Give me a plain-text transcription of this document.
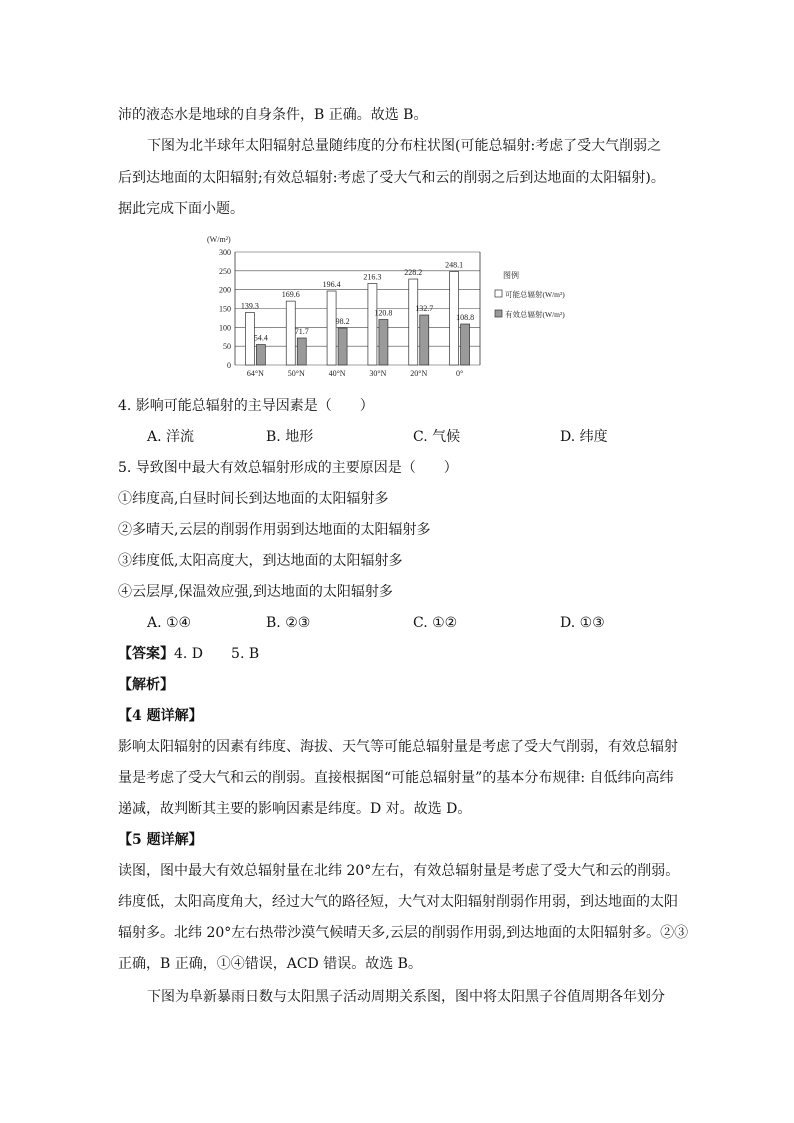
沛的液态水是地球的自身条件，B 正确。故选 B。
下图为北半球年太阳辐射总量随纬度的分布柱状图(可能总辐射:考虑了受大气削弱之
后到达地面的太阳辐射;有效总辐射:考虑了受大气和云的削弱之后到达地面的太阳辐射)。
据此完成下面小题。
139.3
54.4
169.6
71.7
196.4
98.2
216.3
120.8
228.2
132.7
248.1
108.8
(W/m²)
0
50
100
150
200
250
300
64°N	50°N	40°N	30°N	20°N	0°
图例
可能总辐射(W/m²)
有效总辐射(W/m²)
4. 影响可能总辐射的主导因素是（　　）
A. 洋流	B. 地形	C. 气候	D. 纬度
5. 导致图中最大有效总辐射形成的主要原因是（　　）
①纬度高,白昼时间长到达地面的太阳辐射多
②多晴天,云层的削弱作用弱到达地面的太阳辐射多
③纬度低,太阳高度大，到达地面的太阳辐射多
④云层厚,保温效应强,到达地面的太阳辐射多
A. ①④	B. ②③	C. ①②	D. ①③
【答案】4. D　　5. B
【解析】
【4 题详解】
影响太阳辐射的因素有纬度、海拔、天气等可能总辐射量是考虑了受大气削弱，有效总辐射
量是考虑了受大气和云的削弱。直接根据图“可能总辐射量”的基本分布规律: 自低纬向高纬
递减，故判断其主要的影响因素是纬度。D 对。故选 D。
【5 题详解】
读图，图中最大有效总辐射量在北纬 20°左右，有效总辐射量是考虑了受大气和云的削弱。
纬度低，太阳高度角大，经过大气的路径短，大气对太阳辐射削弱作用弱，到达地面的太阳
辐射多。北纬 20°左右热带沙漠气候晴天多,云层的削弱作用弱,到达地面的太阳辐射多。②③
正确，B 正确，①④错误，ACD 错误。故选 B。
下图为阜新暴雨日数与太阳黑子活动周期关系图，图中将太阳黑子谷值周期各年划分
